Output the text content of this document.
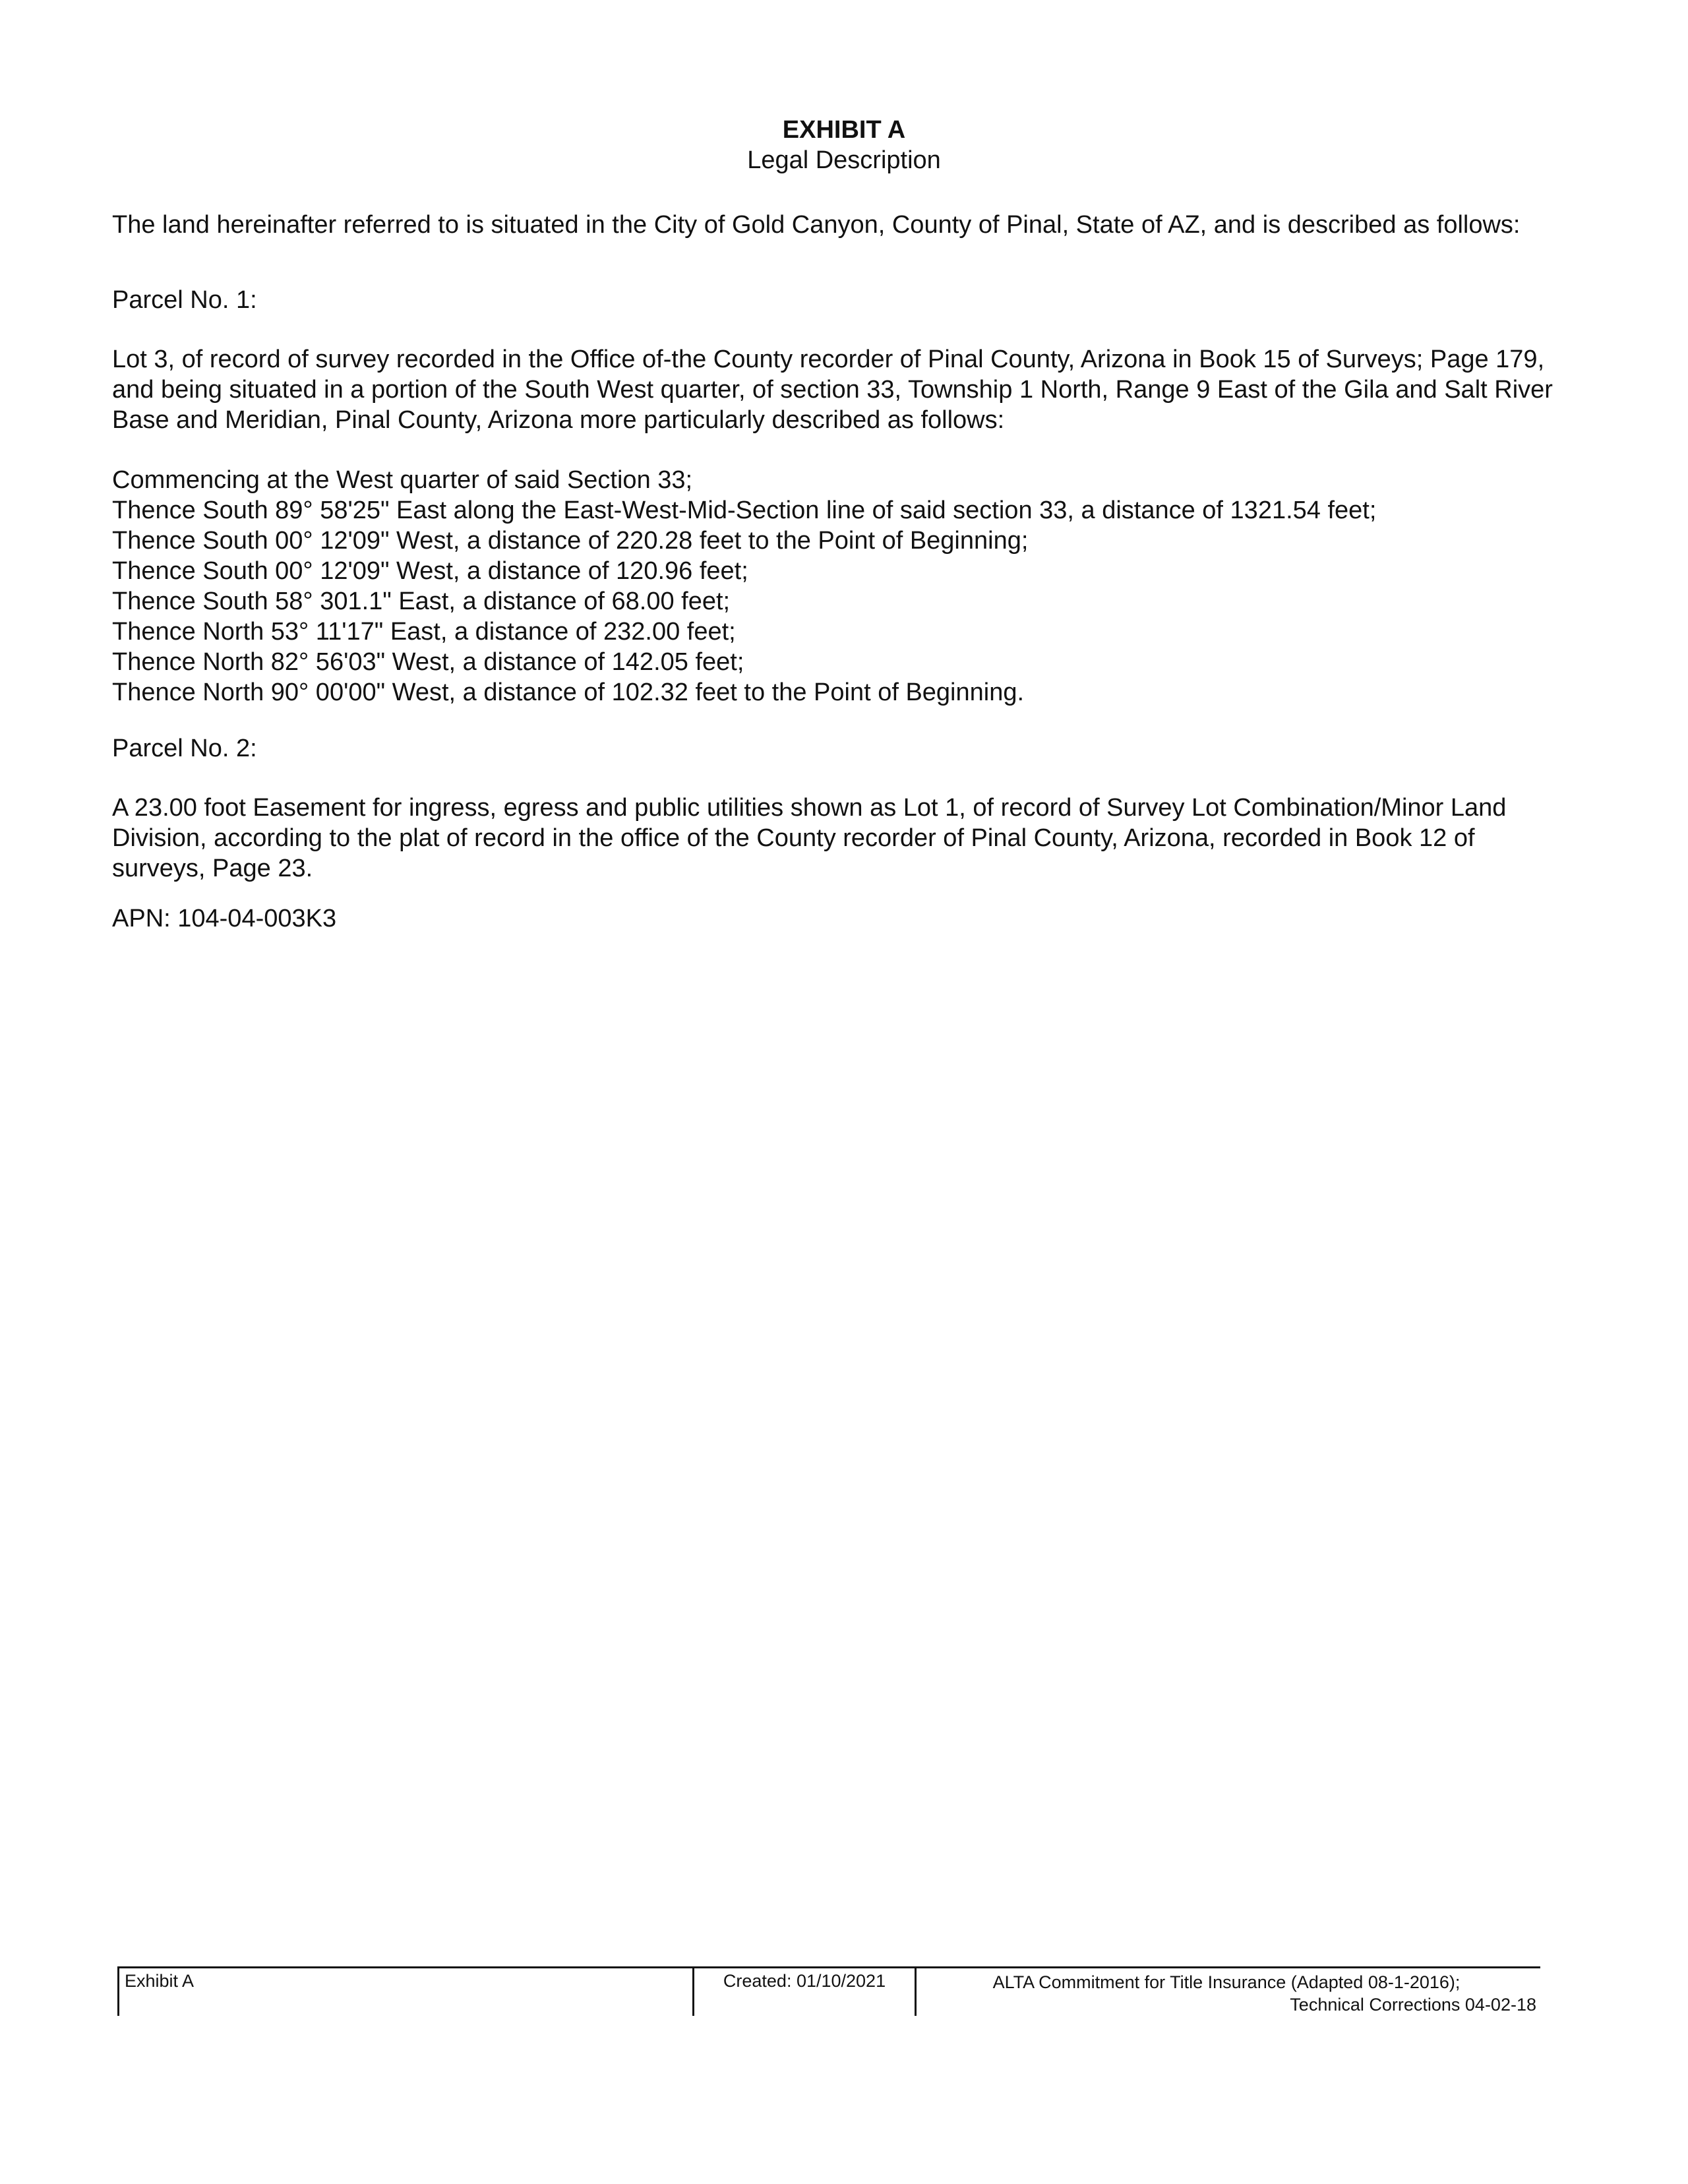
EXHIBIT A
Legal Description

The land hereinafter referred to is situated in the City of Gold Canyon, County of Pinal, State of AZ, and is described as follows:

Parcel No. 1:

Lot 3, of record of survey recorded in the Office of-the County recorder of Pinal County, Arizona in Book 15 of Surveys; Page 179, and being situated in a portion of the South West quarter, of section 33, Township 1 North, Range 9 East of the Gila and Salt River Base and Meridian, Pinal County, Arizona more particularly described as follows:

Commencing at the West quarter of said Section 33;
Thence South 89° 58'25" East along the East-West-Mid-Section line of said section 33, a distance of 1321.54 feet;
Thence South 00° 12'09" West, a distance of 220.28 feet to the Point of Beginning;
Thence South 00° 12'09" West, a distance of 120.96 feet;
Thence South 58° 301.1" East, a distance of 68.00 feet;
Thence North 53° 11'17" East, a distance of 232.00 feet;
Thence North 82° 56'03" West, a distance of 142.05 feet;
Thence North 90° 00'00" West, a distance of 102.32 feet to the Point of Beginning.

Parcel No. 2:

A 23.00 foot Easement for ingress, egress and public utilities shown as Lot 1, of record of Survey Lot Combination/Minor Land Division, according to the plat of record in the office of the County recorder of Pinal County, Arizona, recorded in Book 12 of surveys, Page 23.

APN: 104-04-003K3

Exhibit A	Created: 01/10/2021	ALTA Commitment for Title Insurance (Adapted 08-1-2016);
Technical Corrections 04-02-18
